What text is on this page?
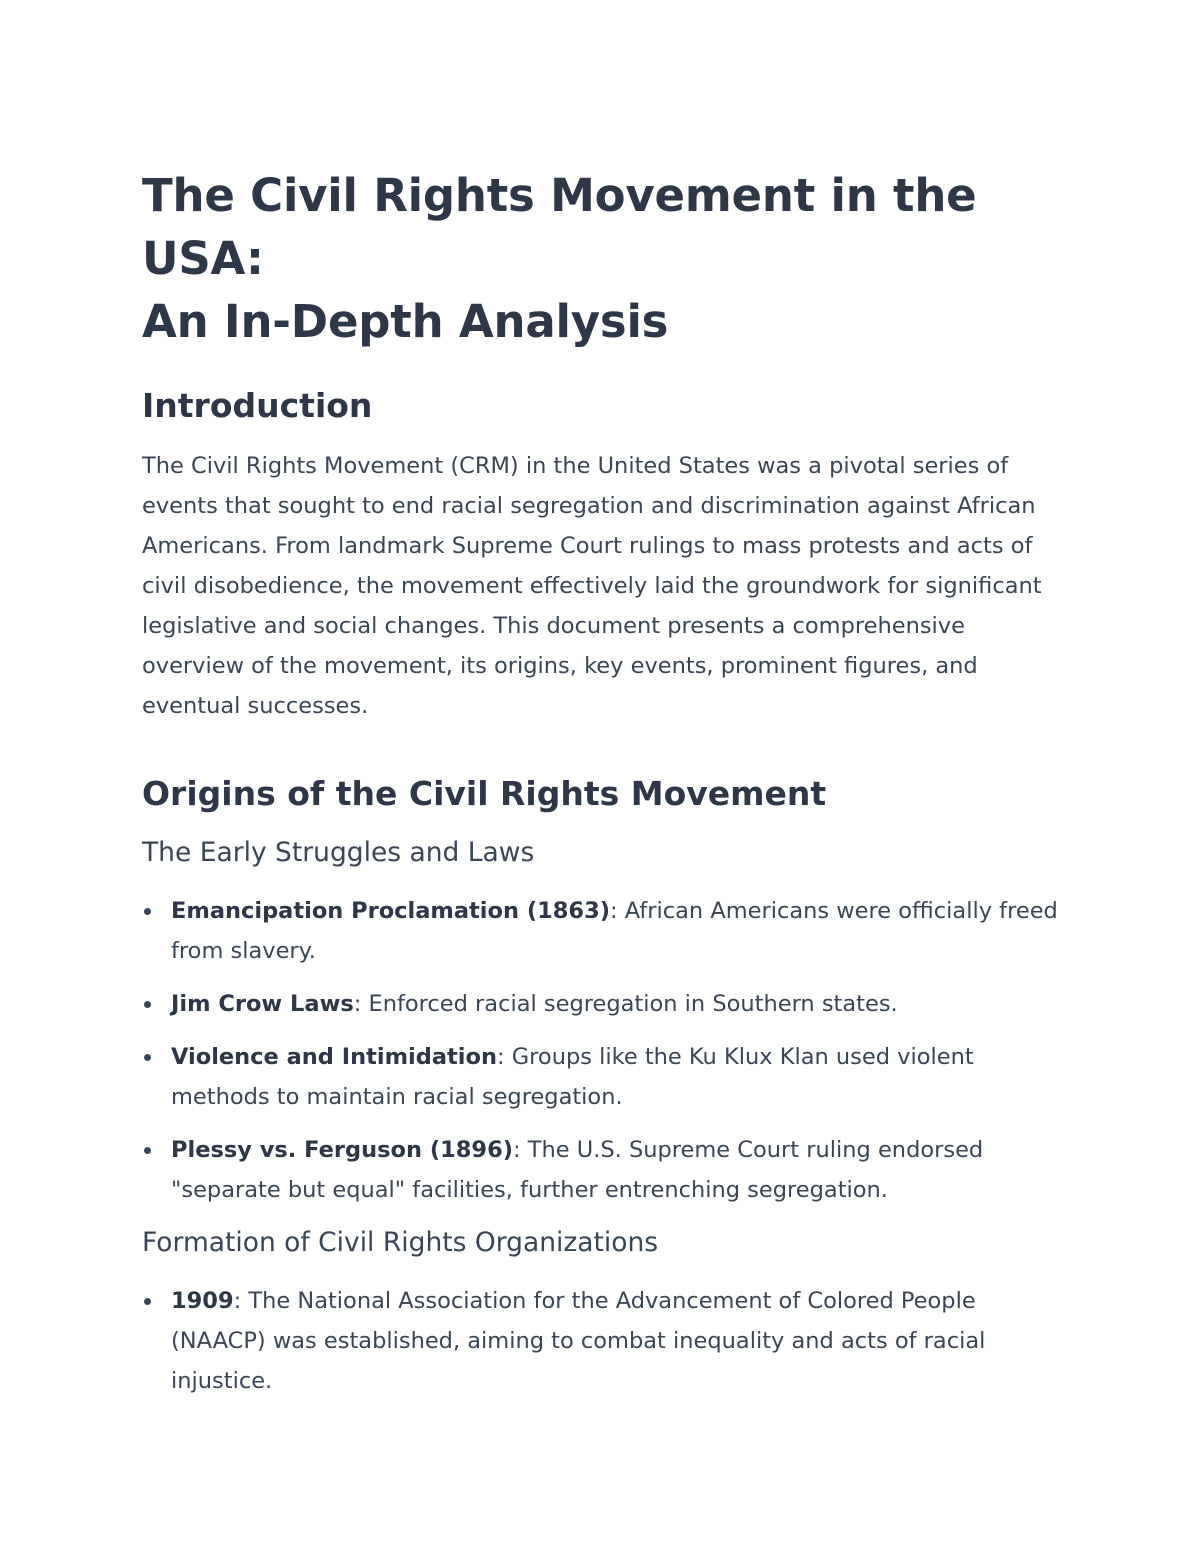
The Civil Rights Movement in the USA:
An In-Depth Analysis
Introduction

The Civil Rights Movement (CRM) in the United States was a pivotal series of events that sought to end racial segregation and discrimination against African Americans. From landmark Supreme Court rulings to mass protests and acts of civil disobedience, the movement effectively laid the groundwork for significant legislative and social changes. This document presents a comprehensive overview of the movement, its origins, key events, prominent figures, and eventual successes.

Origins of the Civil Rights Movement
The Early Struggles and Laws
Emancipation Proclamation (1863): African Americans were officially freed from slavery.
Jim Crow Laws: Enforced racial segregation in Southern states.
Violence and Intimidation: Groups like the Ku Klux Klan used violent methods to maintain racial segregation.
Plessy vs. Ferguson (1896): The U.S. Supreme Court ruling endorsed "separate but equal" facilities, further entrenching segregation.
Formation of Civil Rights Organizations
1909: The National Association for the Advancement of Colored People (NAACP) was established, aiming to combat inequality and acts of racial injustice.
